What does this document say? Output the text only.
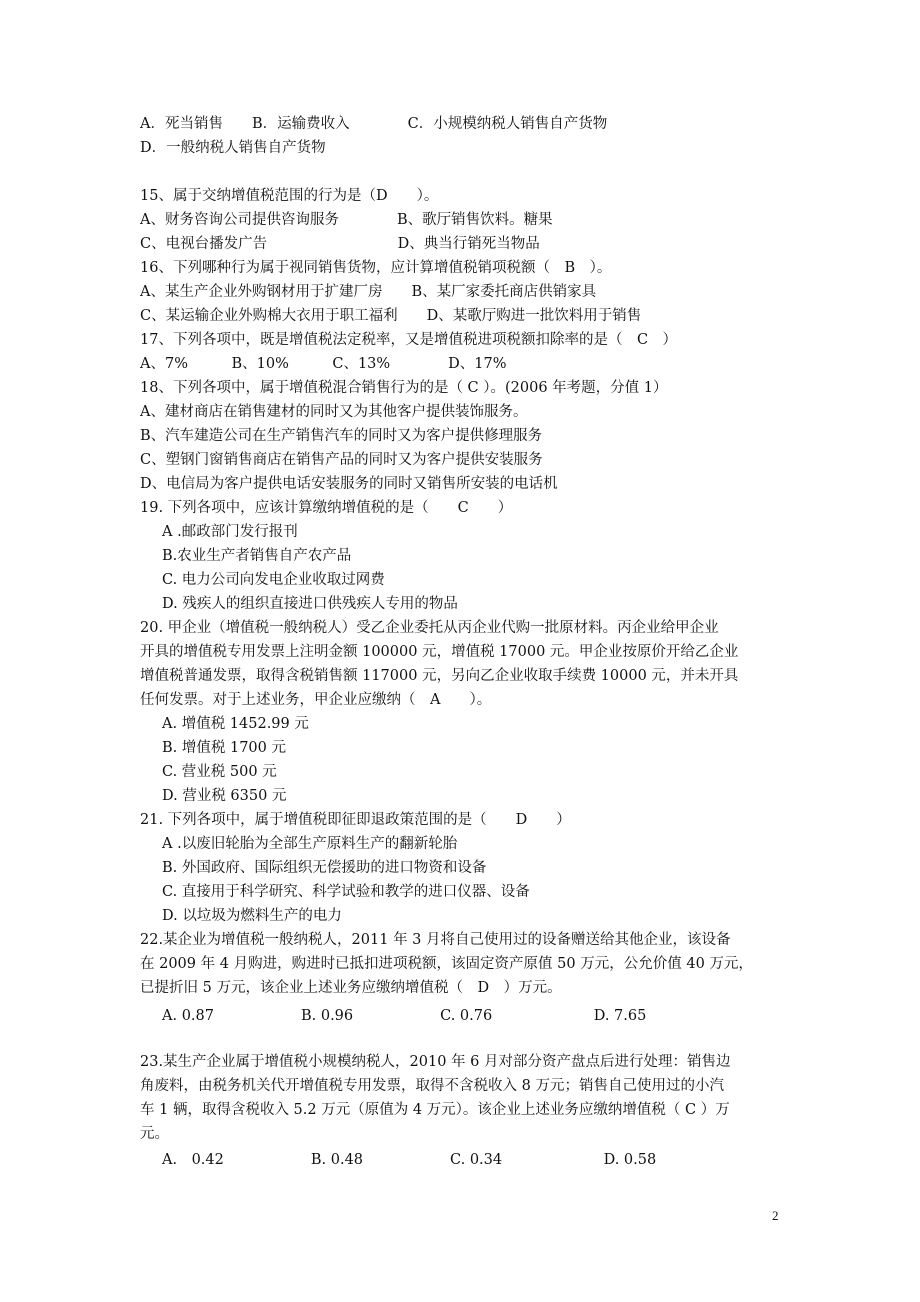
A．死当销售　　B．运输费收入　　　　C．小规模纳税人销售自产货物
D．一般纳税人销售自产货物
15、属于交纳增值税范围的行为是（D　　）。
A、财务咨询公司提供咨询服务　　　　B、歌厅销售饮料。糖果
C、电视台播发广告　　　　　　　　　D、典当行销死当物品
16、下列哪种行为属于视同销售货物，应计算增值税销项税额（　B　）。
A、某生产企业外购钢材用于扩建厂房　　B、某厂家委托商店供销家具
C、某运输企业外购棉大衣用于职工福利　　D、某歌厅购进一批饮料用于销售
17、下列各项中，既是增值税法定税率，又是增值税进项税额扣除率的是（　C　）
A、7%　　　B、10%　　　C、13%　　　　D、17%
18、下列各项中，属于增值税混合销售行为的是（ C ）。(2006 年考题，分值 1）
A、建材商店在销售建材的同时又为其他客户提供装饰服务。
B、汽车建造公司在生产销售汽车的同时又为客户提供修理服务
C、塑钢门窗销售商店在销售产品的同时又为客户提供安装服务
D、电信局为客户提供电话安装服务的同时又销售所安装的电话机
19. 下列各项中，应该计算缴纳增值税的是（　　C　　）
A .邮政部门发行报刊
B.农业生产者销售自产农产品
C. 电力公司向发电企业收取过网费
D. 残疾人的组织直接进口供残疾人专用的物品
20. 甲企业（增值税一般纳税人）受乙企业委托从丙企业代购一批原材料。丙企业给甲企业
开具的增值税专用发票上注明金额 100000 元，增值税 17000 元。甲企业按原价开给乙企业
增值税普通发票，取得含税销售额 117000 元，另向乙企业收取手续费 10000 元，并未开具
任何发票。对于上述业务，甲企业应缴纳（　A　　）。
A. 增值税 1452.99 元
B. 增值税 1700 元
C. 营业税 500 元
D. 营业税 6350 元
21. 下列各项中，属于增值税即征即退政策范围的是（　　D　　）
A .以废旧轮胎为全部生产原料生产的翻新轮胎
B. 外国政府、国际组织无偿援助的进口物资和设备
C. 直接用于科学研究、科学试验和教学的进口仪器、设备
D. 以垃圾为燃料生产的电力
22.某企业为增值税一般纳税人，2011 年 3 月将自己使用过的设备赠送给其他企业，该设备
在 2009 年 4 月购进，购进时已抵扣进项税额，该固定资产原值 50 万元，公允价值 40 万元，
已提折旧 5 万元，该企业上述业务应缴纳增值税（　D　）万元。
A. 0.87　　　　　　B. 0.96　　　　　　C. 0.76　　　　　　　D. 7.65
23.某生产企业属于增值税小规模纳税人，2010 年 6 月对部分资产盘点后进行处理：销售边
角废料，由税务机关代开增值税专用发票，取得不含税收入 8 万元；销售自己使用过的小汽
车 1 辆，取得含税收入 5.2 万元（原值为 4 万元）。该企业上述业务应缴纳增值税（ C ）万
元。
A.　0.42　　　　　　B. 0.48　　　　　　C. 0.34　　　　　　　D. 0.58
2
